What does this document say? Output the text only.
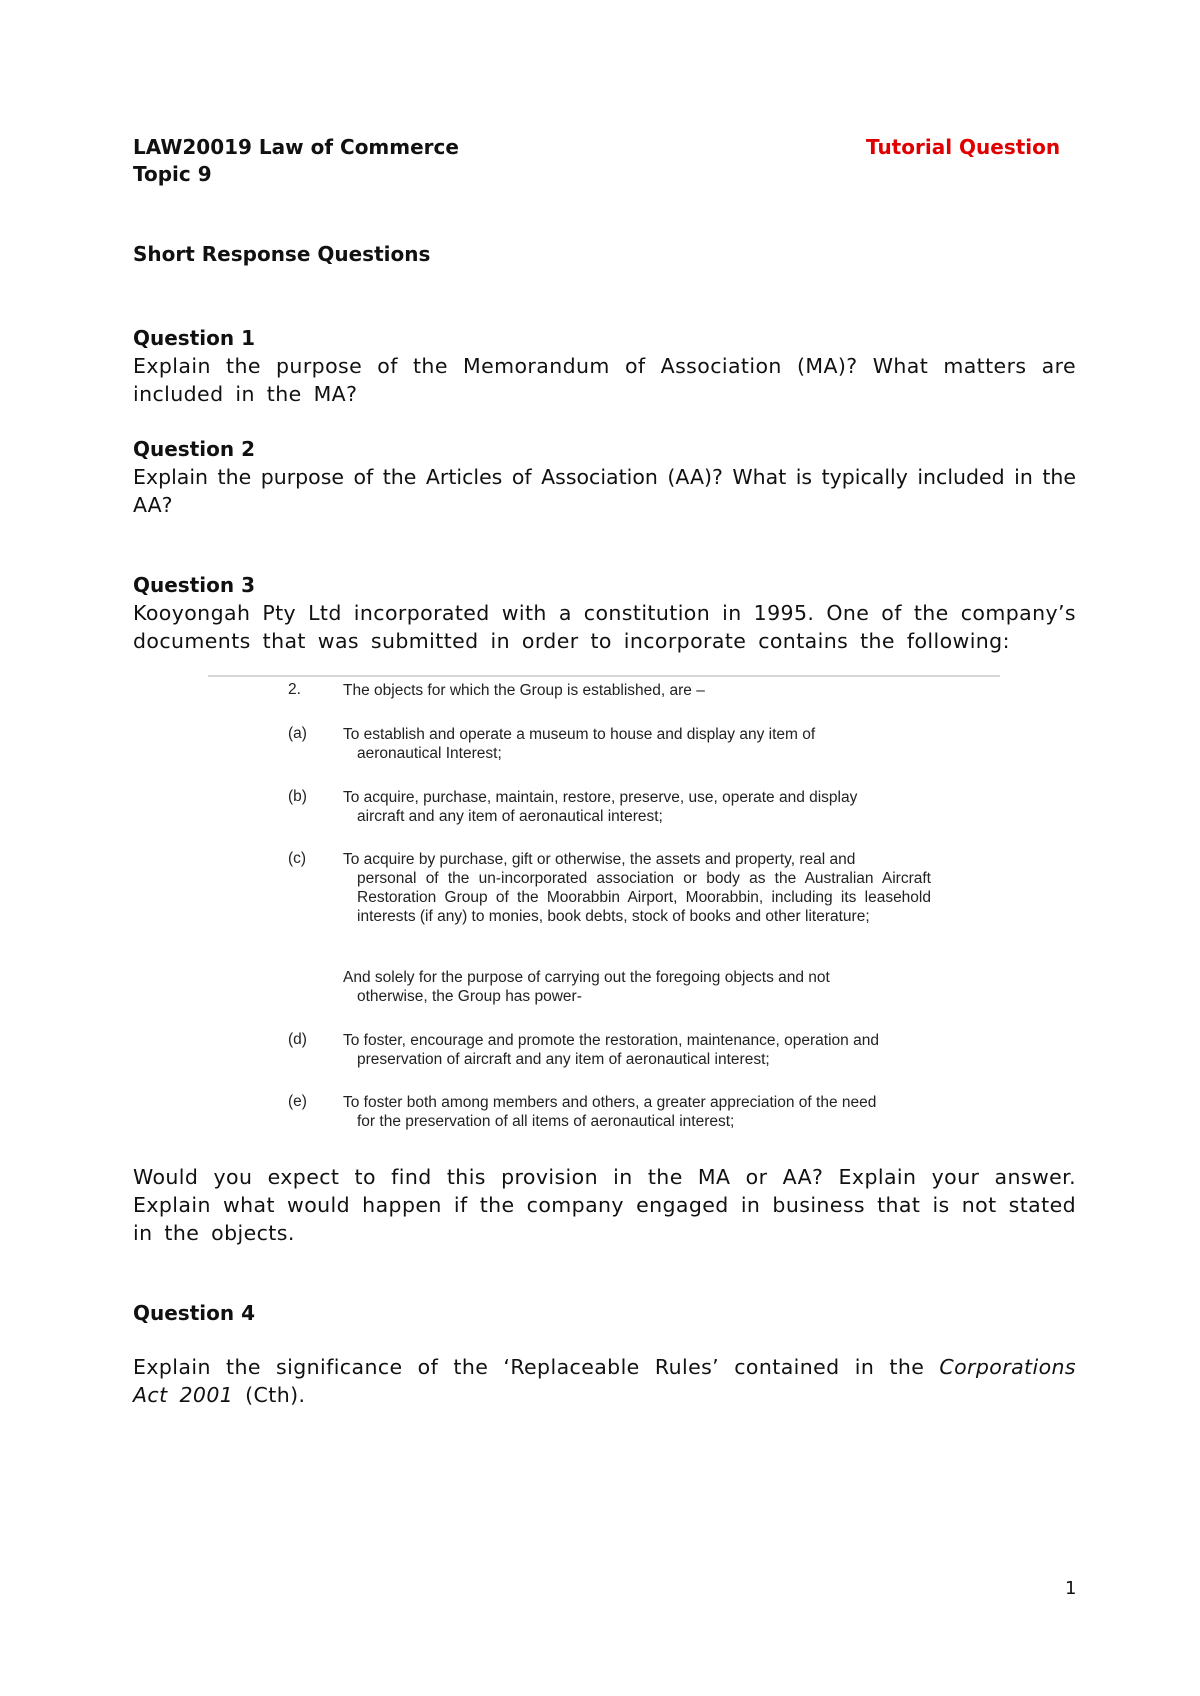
LAW20019 Law of Commerce
Topic 9
Tutorial Question
Short Response Questions
Question 1
Explain the purpose of the Memorandum of Association (MA)? What matters are included in the MA?
Question 2
Explain the purpose of the Articles of Association (AA)? What is typically included in the AA?
Question 3
Kooyongah Pty Ltd incorporated with a constitution in 1995. One of the company’s documents that was submitted in order to incorporate contains the following:
2.	The objects for which the Group is established, are –
(a) To establish and operate a museum to house and display any item of
aeronautical Interest;
(b) To acquire, purchase, maintain, restore, preserve, use, operate and display
aircraft and any item of aeronautical interest;
(c) To acquire by purchase, gift or otherwise, the assets and property, real and
personal of the un-incorporated association or body as the Australian Aircraft Restoration Group of the Moorabbin Airport, Moorabbin, including its leasehold interests (if any) to monies, book debts, stock of books and other literature;
And solely for the purpose of carrying out the foregoing objects and not
otherwise, the Group has power-
(d) To foster, encourage and promote the restoration, maintenance, operation and
preservation of aircraft and any item of aeronautical interest;
(e) To foster both among members and others, a greater appreciation of the need
for the preservation of all items of aeronautical interest;
Would you expect to find this provision in the MA or AA? Explain your answer. Explain what would happen if the company engaged in business that is not stated in the objects.
Question 4
Explain the significance of the ‘Replaceable Rules’ contained in the Corporations Act 2001 (Cth).
1
